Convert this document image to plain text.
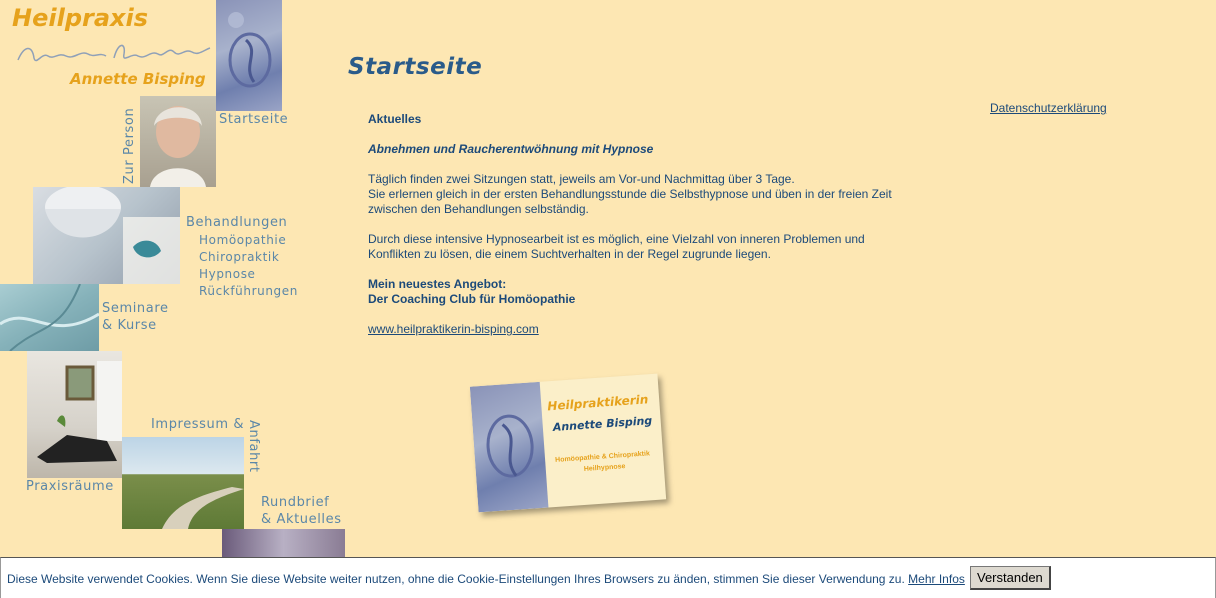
Heilpraxis
Annette Bisping
Startseite
Zur Person
Behandlungen
Homöopathie
Chiropraktik
Hypnose
Rückführungen
Seminare
& Kurse
Praxisräume
Impressum & Anfahrt
Rundbrief
& Aktuelles
Startseite
Datenschutzerklärung

Aktuelles

Abnehmen und Raucherentwöhnung mit Hypnose

Täglich finden zwei Sitzungen statt, jeweils am Vor-und Nachmittag über 3 Tage.
Sie erlernen gleich in der ersten Behandlungsstunde die Selbsthypnose und üben in der freien Zeit zwischen den Behandlungen selbständig.

Durch diese intensive Hypnosearbeit ist es möglich, eine Vielzahl von inneren Problemen und Konflikten zu lösen, die einem Suchtverhalten in der Regel zugrunde liegen.

Mein neuestes Angebot:
Der Coaching Club für Homöopathie

www.heilpraktikerin-bisping.com

Heilpraktikerin
Annette Bisping
Homöopathie & Chiropraktik
Heilhypnose
Diese Website verwendet Cookies. Wenn Sie diese Website weiter nutzen, ohne die Cookie-Einstellungen Ihres Browsers zu änden, stimmen Sie dieser Verwendung zu. Mehr Infos Verstanden
